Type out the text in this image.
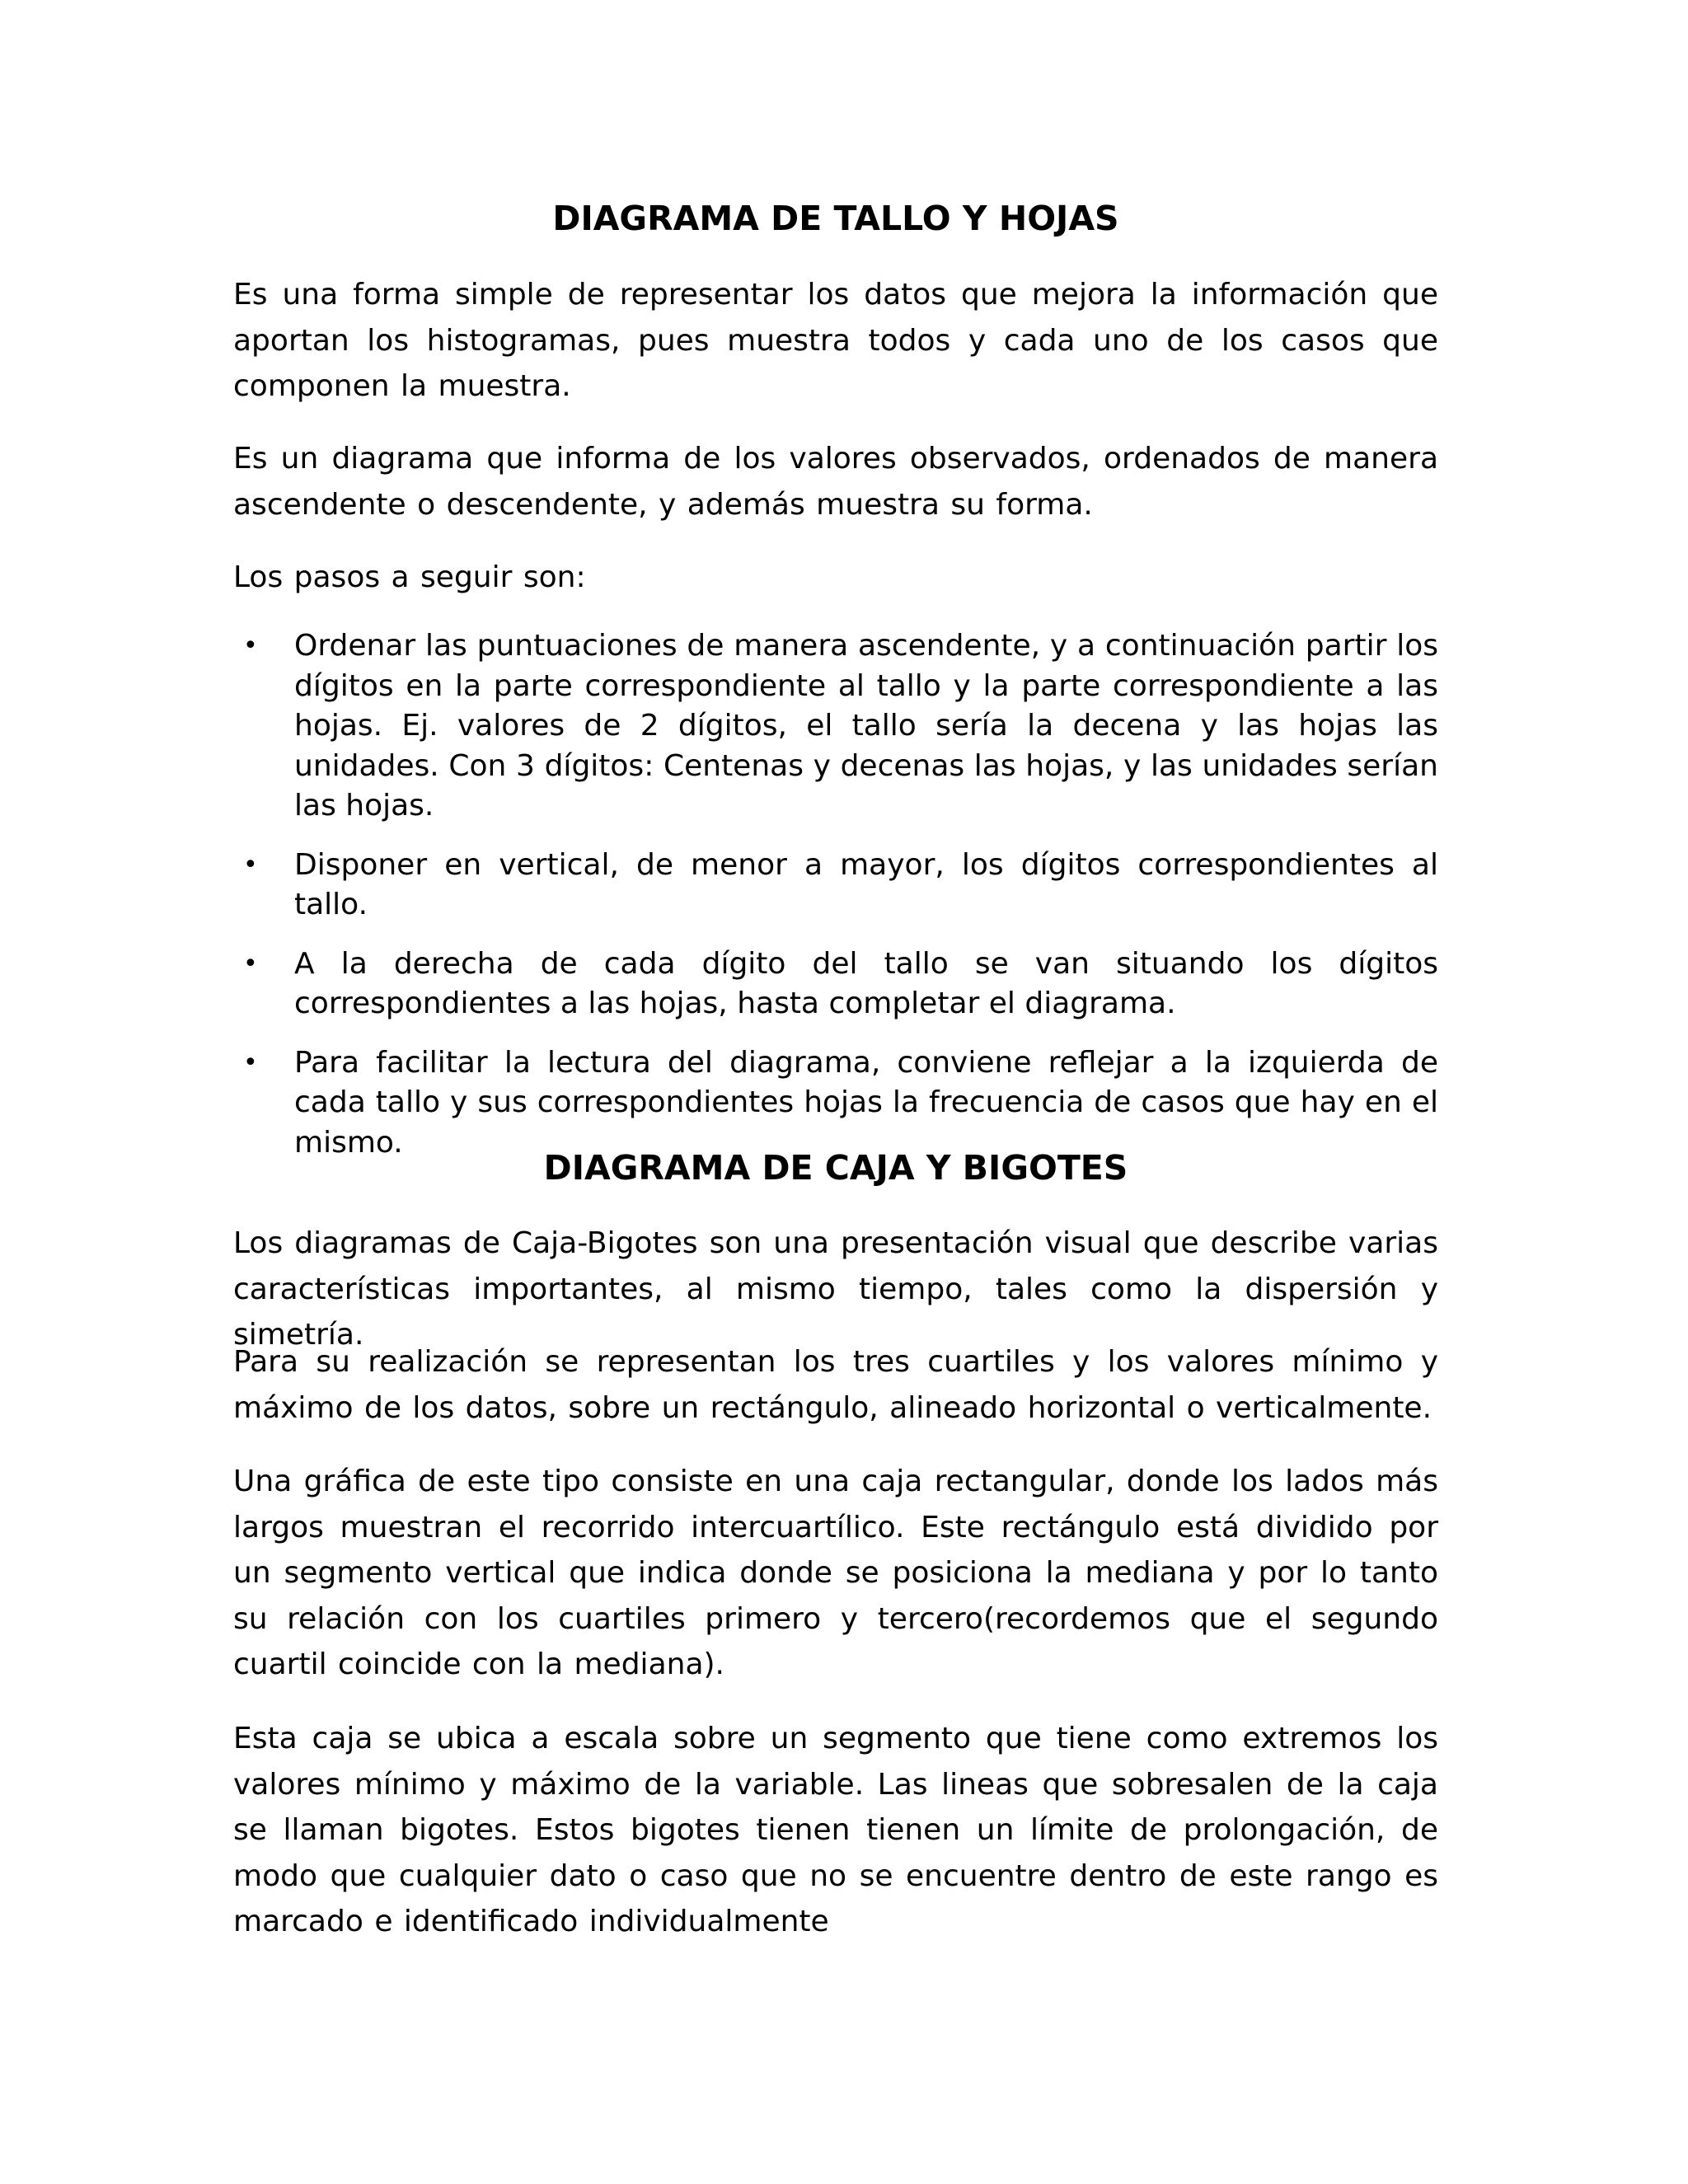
DIAGRAMA DE TALLO Y HOJAS

Es una forma simple de representar los datos que mejora la información que aportan los histogramas, pues muestra todos y cada uno de los casos que componen la muestra.

Es un diagrama que informa de los valores observados, ordenados de manera ascendente o descendente, y además muestra su forma.

Los pasos a seguir son:

• Ordenar las puntuaciones de manera ascendente, y a continuación partir los dígitos en la parte correspondiente al tallo y la parte correspondiente a las hojas. Ej. valores de 2 dígitos, el tallo sería la decena y las hojas las unidades. Con 3 dígitos: Centenas y decenas las hojas, y las unidades serían las hojas.
• Disponer en vertical, de menor a mayor, los dígitos correspondientes al tallo.
• A la derecha de cada dígito del tallo se van situando los dígitos correspondientes a las hojas, hasta completar el diagrama.
• Para facilitar la lectura del diagrama, conviene reflejar a la izquierda de cada tallo y sus correspondientes hojas la frecuencia de casos que hay en el mismo.
DIAGRAMA DE CAJA Y BIGOTES

Los diagramas de Caja-Bigotes son una presentación visual que describe varias características importantes, al mismo tiempo, tales como la dispersión y simetría.

Para su realización se representan los tres cuartiles y los valores mínimo y máximo de los datos, sobre un rectángulo, alineado horizontal o verticalmente.

Una gráfica de este tipo consiste en una caja rectangular, donde los lados más largos muestran el recorrido intercuartílico. Este rectángulo está dividido por un segmento vertical que indica donde se posiciona la mediana y por lo tanto su relación con los cuartiles primero y tercero(recordemos que el segundo cuartil coincide con la mediana).

Esta caja se ubica a escala sobre un segmento que tiene como extremos los valores mínimo y máximo de la variable. Las lineas que sobresalen de la caja se llaman bigotes. Estos bigotes tienen tienen un límite de prolongación, de modo que cualquier dato o caso que no se encuentre dentro de este rango es marcado e identificado individualmente
